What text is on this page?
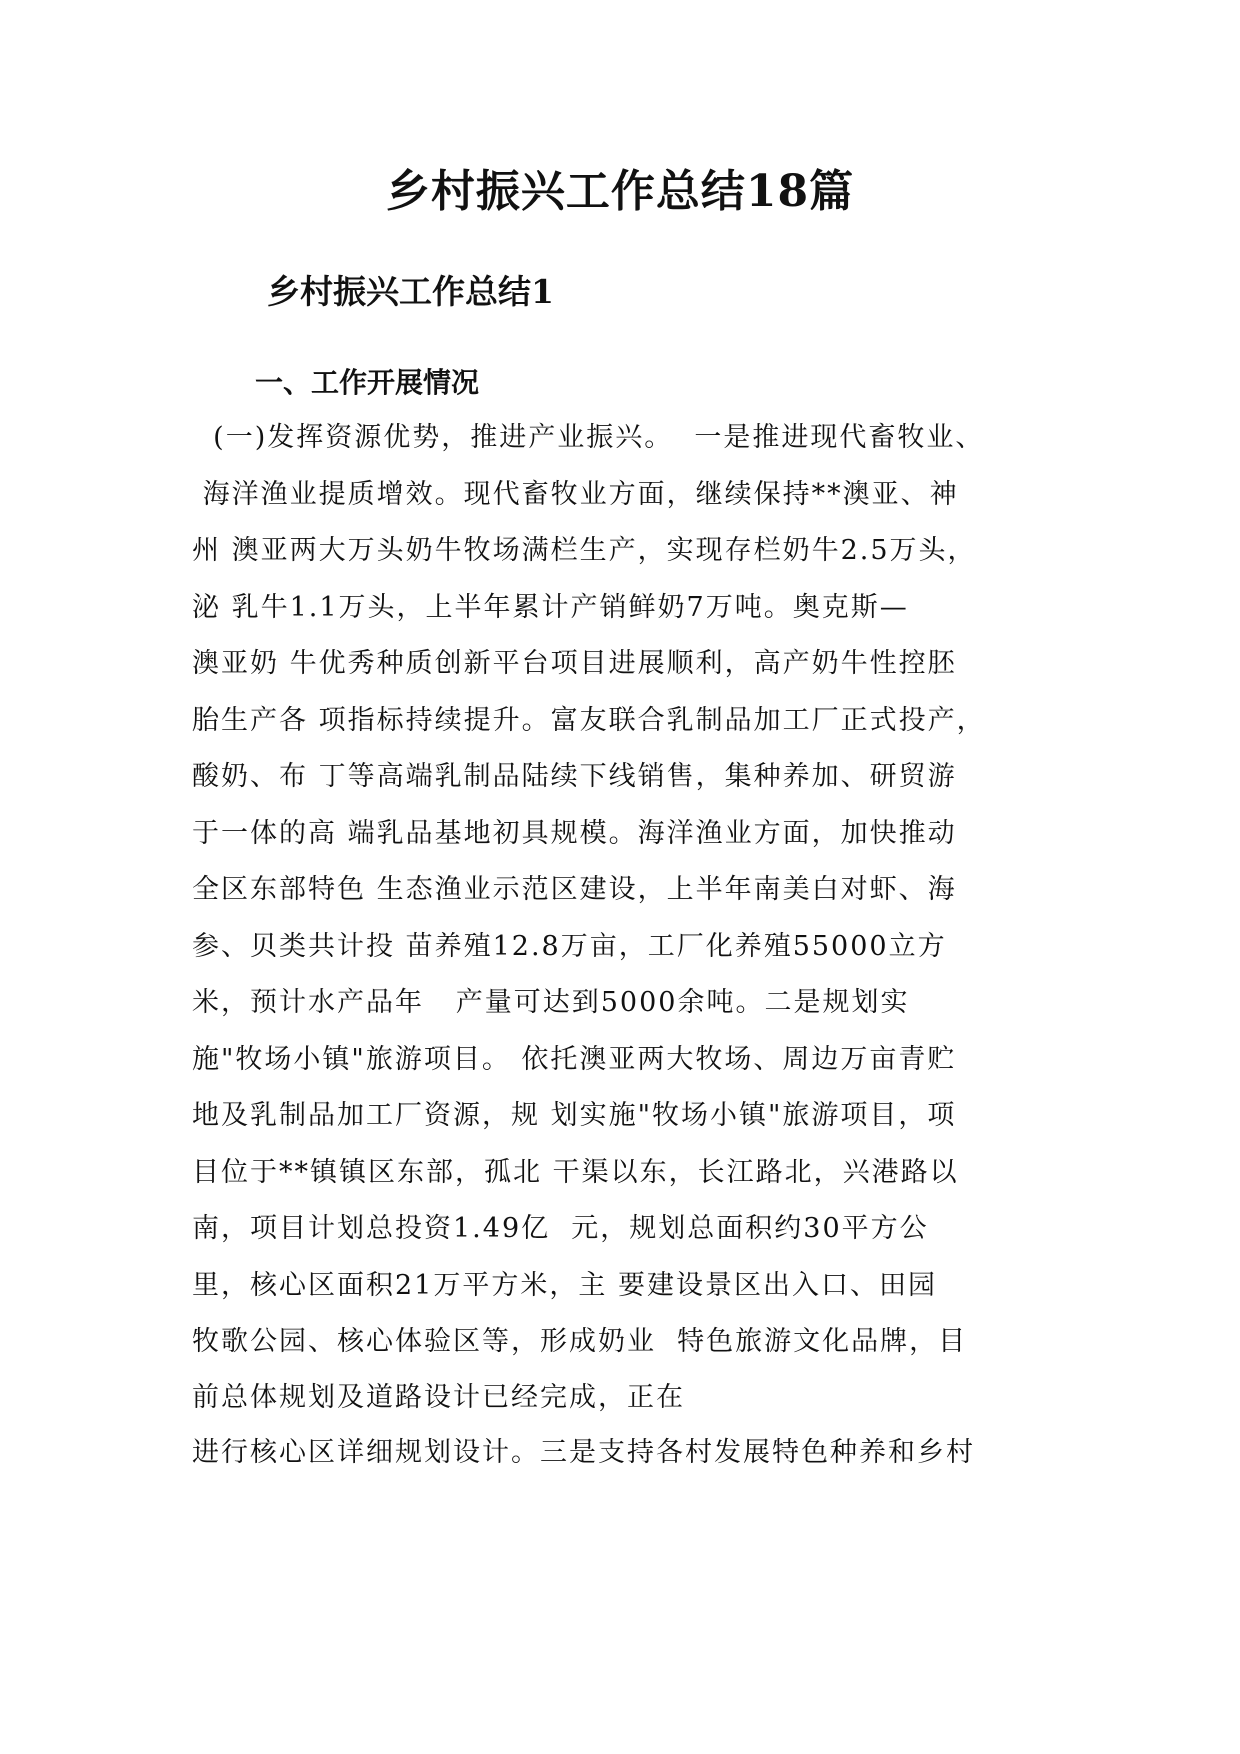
乡村振兴工作总结18篇
乡村振兴工作总结1
一、工作开展情况

(一)发挥资源优势，推进产业振兴。  一是推进现代畜牧业、

海洋渔业提质增效。现代畜牧业方面，继续保持**澳亚、神

州 澳亚两大万头奶牛牧场满栏生产，实现存栏奶牛2.5万头，

泌 乳牛1.1万头，上半年累计产销鲜奶7万吨。奥克斯—

澳亚奶 牛优秀种质创新平台项目进展顺利，高产奶牛性控胚

胎生产各 项指标持续提升。富友联合乳制品加工厂正式投产，

酸奶、布 丁等高端乳制品陆续下线销售，集种养加、研贸游

于一体的高 端乳品基地初具规模。海洋渔业方面，加快推动

全区东部特色 生态渔业示范区建设，上半年南美白对虾、海

参、贝类共计投 苗养殖12.8万亩，工厂化养殖55000立方

米，预计水产品年   产量可达到5000余吨。二是规划实

施"牧场小镇"旅游项目。 依托澳亚两大牧场、周边万亩青贮

地及乳制品加工厂资源，规 划实施"牧场小镇"旅游项目，项

目位于**镇镇区东部，孤北 干渠以东，长江路北，兴港路以

南，项目计划总投资1.49亿  元，规划总面积约30平方公

里，核心区面积21万平方米，主 要建设景区出入口、田园

牧歌公园、核心体验区等，形成奶业  特色旅游文化品牌，目

前总体规划及道路设计已经完成，正在

进行核心区详细规划设计。三是支持各村发展特色种养和乡村
